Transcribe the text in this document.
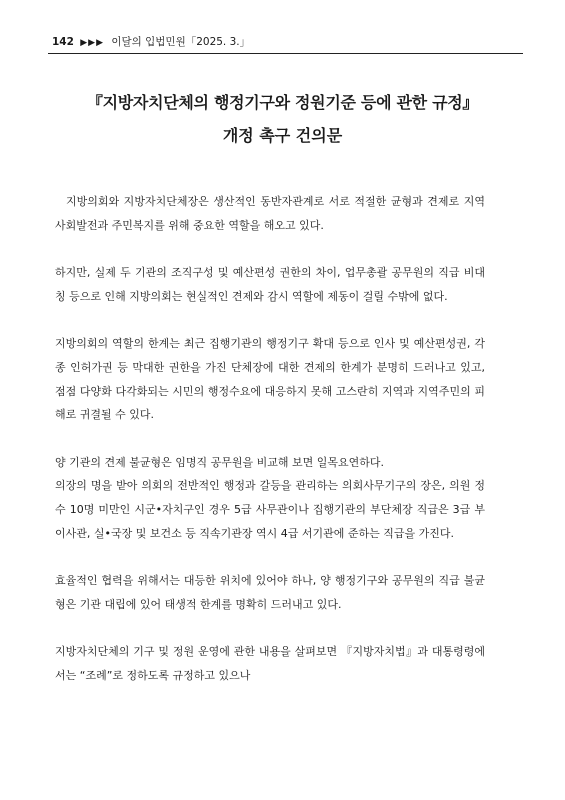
142 ▶▶▶ 이달의 입법민원「2025. 3.」
『지방자치단체의 행정기구와 정원기준 등에 관한 규정』
개정 촉구 건의문

지방의회와 지방자치단체장은 생산적인 동반자관계로 서로 적절한 균형과 견제로 지역사회발전과 주민복지를 위해 중요한 역할을 해오고 있다.

하지만, 실제 두 기관의 조직구성 및 예산편성 권한의 차이, 업무총괄 공무원의 직급 비대칭 등으로 인해 지방의회는 현실적인 견제와 감시 역할에 제동이 걸릴 수밖에 없다.

지방의회의 역할의 한계는 최근 집행기관의 행정기구 확대 등으로 인사 및 예산편성권, 각종 인허가권 등 막대한 권한을 가진 단체장에 대한 견제의 한계가 분명히 드러나고 있고, 점점 다양화 다각화되는 시민의 행정수요에 대응하지 못해 고스란히 지역과 지역주민의 피해로 귀결될 수 있다.

양 기관의 견제 불균형은 임명직 공무원을 비교해 보면 일목요연하다.

의장의 명을 받아 의회의 전반적인 행정과 갈등을 관리하는 의회사무기구의 장은, 의원 정수 10명 미만인 시군•자치구인 경우 5급 사무관이나 집행기관의 부단체장 직급은 3급 부이사관, 실•국장 및 보건소 등 직속기관장 역시 4급 서기관에 준하는 직급을 가진다.

효율적인 협력을 위해서는 대등한 위치에 있어야 하나, 양 행정기구와 공무원의 직급 불균형은 기관 대립에 있어 태생적 한계를 명확히 드러내고 있다.

지방자치단체의 기구 및 정원 운영에 관한 내용을 살펴보면 『지방자치법』과 대통령령에서는 “조례”로 정하도록 규정하고 있으나
